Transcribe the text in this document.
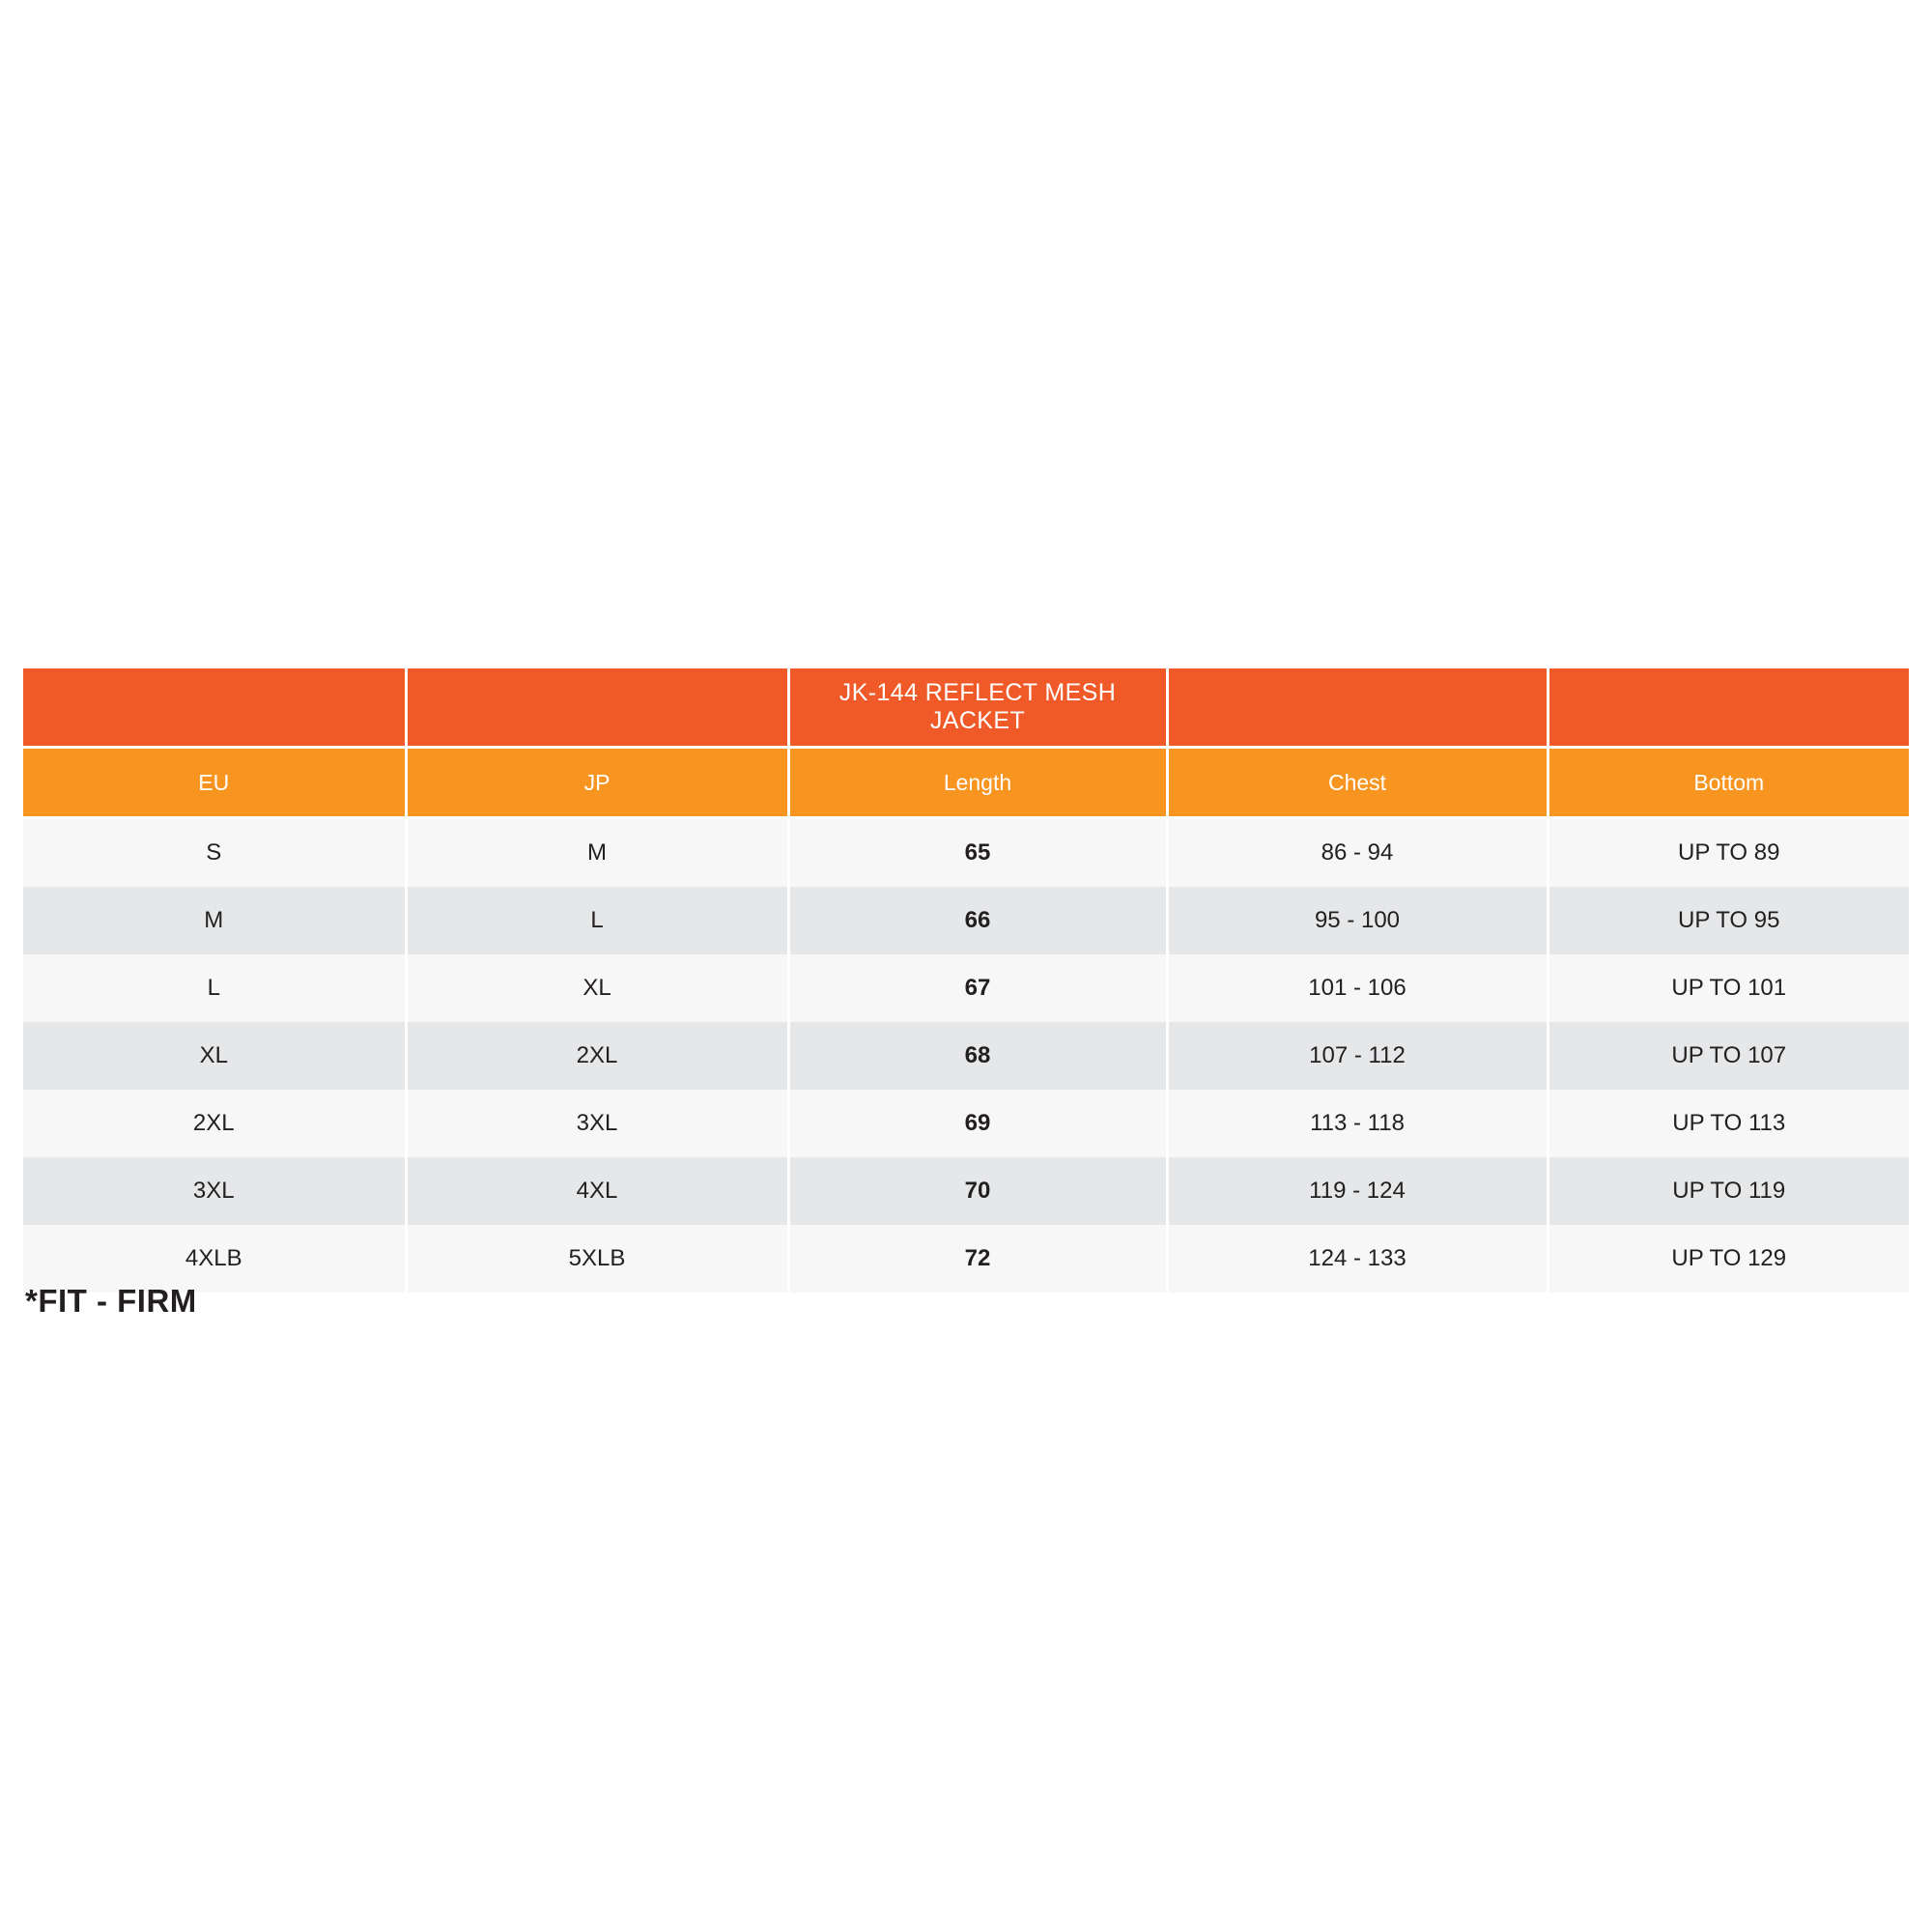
		JK-144 REFLECT MESH JACKET		
EU	JP	Length	Chest	Bottom
S	M	65	86 - 94	UP TO 89
M	L	66	95 - 100	UP TO 95
L	XL	67	101 - 106	UP TO 101
XL	2XL	68	107 - 112	UP TO 107
2XL	3XL	69	113 - 118	UP TO 113
3XL	4XL	70	119 - 124	UP TO 119
4XLB	5XLB	72	124 - 133	UP TO 129
*FIT - FIRM
